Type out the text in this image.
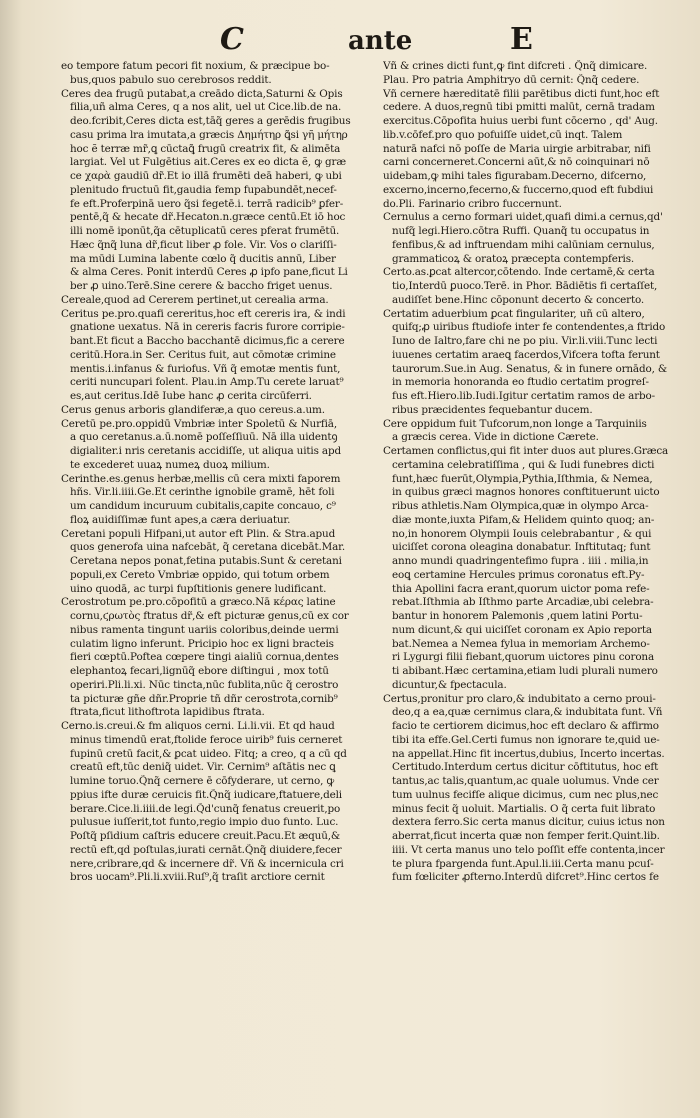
C	ante	E
eo tempore fatum pecori fit noxium, & præcipue bo-
bus,quos pabulo suo cerebrosos reddit.
Ceres dea frugū putabat̃,a creādo dicta,Saturni & Opis
filia,uñ alma Ceres, q a nos alit, uel ut Cice.lib.de na.
deo.fcribit,Ceres dicta est,tāq̃ geres a gerēdis frugibus
casu prima lra imutata,a græcis Δημήτηρ ꝗ̃si γῆ μήτηρ
hoc ẽ terræ mr̃,ꝗ cūctaꝗ̃ frugū creatrix fit, & alimēta
largiat̃. Vel ut Fulgētius ait.Ceres ex eo dicta ẽ, ꝙ græ
ce χαρὰ gaudiū dr̃.Et io illā frumēti deā haberi, ꝙ ubi
plenitudo fructuū fit,gaudia femp fupabundēt,necef-
fe eft.Proferpinā uero q̃si fegetē.i. terrā radicib⁹ ꝑfer-
pentē,q̃ & hecate dr̃.Hecaton.n.græce centū.Et iō hoc
illi nomē iponūt,q̃a cētuplicatū ceres pferat frumētū.
Hæc q̃nq̃ luna dr̃,ficut liber ꝓ fole. Vir. Vos o clariſſi-
ma mūdi Lumina labente cœlo q̃ ducitis annū, Liber
& alma Ceres. Ponit̃ interdū Ceres ꝓ ipfo pane,ficut Li
ber ꝓ uino.Terē.Sine cerere & baccho friget uenus.
Cereale,quod ad Cererem pertinet,ut cerealia arma.
Ceritus pe.pro.quafi cereritus,hoc eft cereris ira, & indi
gnatione uexatus. Nā in cereris facris furore corripie-
bant̃.Et ficut a Baccho bacchantē dicimus,fic a cerere
ceritū.Hora.in Ser. Ceritus fuit, aut cōmotæ crimine
mentis.i.infanus & furiofus. Vñ q̃ emotæ mentis funt,
ceriti nuncupari folent. Plau.in Amp.Tu cerete laruat⁹
es,aut ceritus.Idē Iube hanc ꝓ cerita circūferri.
Cerus genus arboris glandiferæ,a quo cereus.a.um.
Ceretū pe.pro.oppidū Vmbriæ inter Spoletū & Nurfiā,
a quo ceretanus.a.ū.nomē poſſeſſiuū. Nā illa uidentꝯ
digialiter.i nris ceretanis accidiſſe, ut aliqua uitis apd
te excederet uuaꝝ numeꝝ duoꝝ milium.
Cerinthe.es.genus herbæ,mellis cū cera mixti faporem
hñs. Vir.li.iiii.Ge.Et cerinthe ignobile gramē, hēt foli
um candidum incuruum cubitalis,capite concauo, c⁹
floꝝ auidiſſimæ funt apes,a cæra deriuatur.
Ceretani populi Hifpani,ut autor eft Plin. & Stra.apud
quos generofa uina nafcebāt, q̃ ceretana dicebāt.Mar.
Ceretana nepos ponat,fetina putabis.Sunt & ceretani
populi,ex Cereto Vmbriæ oppido, qui totum orbem
uino quodā, ac turpi fupſtitionis genere ludificant.
Cerostrotum pe.pro.cōpofitū a græco.Nā κέρας latine
cornu,ϛρωτὸς ftratus dr̃,& eft picturæ genus,cū ex cor
nibus ramenta tingunt̃ uariis coloribus,deinde uermi
culatim ligno inferunt̃. Pricipio hoc ex ligni bracteis
fieri cœptū.Poftea cœpere tingi aialiū cornua,dentes
elephantoꝝ fecari,lignūq̃ ebore diſtingui , mox totū
operiri.Pli.li.xi. Nūc tincta,nūc fublita,nūc q̃ cerostro
ta picturæ gñe dñr.Proprie tñ dñr cerostrota,cornib⁹
ftrata,ficut lithoftrota lapidibus ftrata.
Cerno.is.creui.& fm aliquos cerni. Li.li.vii. Et qd̃ haud
minus timendū erat,ftolide feroce uirib⁹ fuis cerneret
fupinū cretū facit,& ꝑcat uideo. Fitq; a creo, q a cū qd
creatū eft,tūc deniq̃ uidet̃. Vir. Cernim⁹ aſtātis nec ꝗ
lumine toruo.Q̃nq̃ cernere ē cōfyderare, ut cerno, ꝙ
ppius ifte duræ ceruicis fit.Q̃nq̃ iudicare,ftatuere,deli
berare.Cice.li.iiii.de legi.Q̃d'cunq̃ fenatus creuerit,po
pulusue iuſſerit,tot funto,regio impio duo funto. Luc.
Poſtq̃ pſidium caſtris educere creuit.Pacu.Et æquū,&
rectū eft,qd̃ poſtulas,iurati cernāt.Q̃nq̃ diuidere,fecer
nere,cribrare,qd̃ & incernere dr̃. Vñ & incernicula cri
bros uocam⁹.Pli.li.xviii.Ruſ⁹,q̃ traſit arctiore cernit̃
Vñ & crines dicti funt,ꝙ fint difcreti . Q̃nq̃ dimicare.
Plau. Pro patria Amphitryo dū cernit: Q̃nq̃ cedere.
Vñ cernere hæreditatē filii parētibus dicti funt,hoc eft
cedere. A duos,regnū tibi pmitti malūt, cernā tradam
exercitus.Cōpofita huius uerbi funt cōcerno , qd' Aug.
lib.v.cōfef.pro quo pofuiſſe uidet̃,cū inqt. Talem
naturā nafci nō poſſe de Maria uirgie arbitrabar, nifi
carni concerneret̃.Concerni aūt,& nō coinquinari nō
uidebam,ꝙ mihi tales figurabam.Decerno, difcerno,
excerno,incerno,fecerno,& fuccerno,quod eft fubdiui
do.Pli. Farinario cribro fuccernunt.
Cernulus a cerno formari uidet̃,quafi dimi.a cernus,qd'
nufq̃ legi.Hiero.cōtra Ruffi. Quanq̃ tu occupatus in
fenfibus,& ad inftruendam mihi calūniam cernulus,
grammaticoꝝ & oratoꝝ præcepta contempferis.
Certo.as.ꝑcat altercor,cōtendo. Inde certamē,& certa
tio,Interdū ꝑuoco.Terē. in Phor. Bādiētis fi certaſſet,
audiſſet bene.Hinc cōponunt̃ decerto & concerto.
Certatim aduerbium ꝑcat fingulariter, uñ cū altero,
quifq;ꝓ uiribus ftudiofe inter fe contendentes,a ftrido
Iuno de Ialtro,fare chi ne po piu. Vir.li.viii.Tunc lecti
iuuenes certatim araeꝗ facerdos,Vifcera tofta ferunt
taurorum.Sue.in Aug. Senatus, & in funere ornādo, &
in memoria honoranda eo ftudio certatim progreſ-
fus eft.Hiero.lib.Iudi.Igitur certatim ramos de arbo-
ribus præcidentes fequebantur ducem.
Cere oppidum fuit Tufcorum,non longe a Tarquiniis
a græcis cerea. Vide in dictione Cærete.
Certamen conflictus,qui fit inter duos aut plures.Græca
certamina celebratiſſima , qui & Iudi funebres dicti
funt,hæc fuerūt,Olympia,Pythia,Iſthmia, & Nemea,
in quibus græci magnos honores conftituerunt uicto
ribus athletis.Nam Olympica,quæ in olympo Arca-
diæ monte,iuxta Pifam,& Helidem quinto quoq; an-
no,in honorem Olympii Iouis celebrabantur , & qui
uiciſſet corona oleagina donabatur. Inftitutaq; funt
anno mundi quadringentefimo fupra . iiii . milia,in
eoꝗ certamine Hercules primus coronatus eft.Py-
thia Apollini facra erant,quorum uictor poma refe-
rebat.Iſthmia ab Iſthmo parte Arcadiæ,ubi celebra-
bantur in honorem Palemonis ,quem latini Portu-
num dicunt,& qui uiciſſet coronam ex Apio reporta
bat.Nemea a Nemea fylua in memoriam Archemo-
ri Lygurgi filii fiebant,quorum uictores pinu corona
ti abibant.Hæc certamina,etiam ludi plurali numero
dicuntur,& fpectacula.
Certus,pronitur pro claro,& indubitato a cerno proui-
deo,q a ea,quæ cernimus clara,& indubitata funt. Vñ
facio te certiorem dicimus,hoc eft declaro & affirmo
tibi ita effe.Gel.Certi fumus non ignorare te,quid ue-
na appellat̃.Hinc fit incertus,dubius, Incerto incertas.
Certitudo.Interdum certus dicitur cōftitutus, hoc eft
tantus,ac talis,quantum,ac quale uolumus. Vnde cer
tum uulnus fecifſe alique dicimus, cum nec plus,nec
minus fecit q̃ uoluit. Martialis. O q̃ certa fuit librato
dextera ferro.Sic certa manus dicitur, cuius ictus non
aberrat,ficut incerta quæ non femper ferit.Quint.lib.
iiii. Vt certa manus uno telo poſſit effe contenta,incer
te plura fpargenda funt.Apul.li.iii.Certa manu pcuſ-
fum fœliciter ꝓfterno.Interdū difcret⁹.Hinc certos fe
